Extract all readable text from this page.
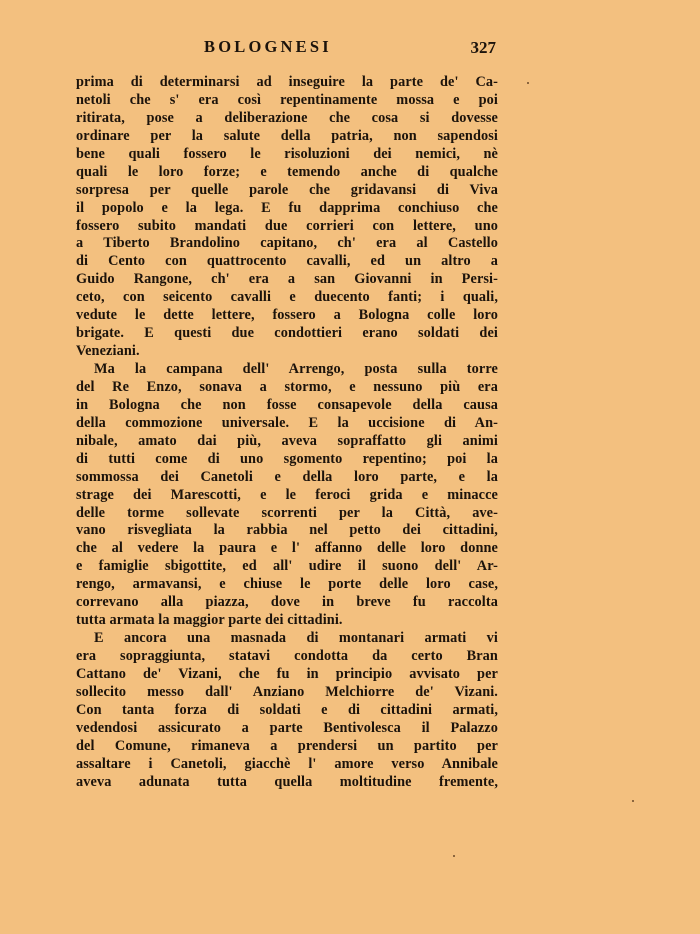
BOLOGNESI	327
prima di determinarsi ad inseguire la parte de' Ca-
netoli che s' era così repentinamente mossa e poi
ritirata, pose a deliberazione che cosa si dovesse
ordinare per la salute della patria, non sapendosi
bene quali fossero le risoluzioni dei nemici, nè
quali le loro forze; e temendo anche di qualche
sorpresa per quelle parole che gridavansi di Viva
il popolo e la lega. E fu dapprima conchiuso che
fossero subito mandati due corrieri con lettere, uno
a Tiberto Brandolino capitano, ch' era al Castello
di Cento con quattrocento cavalli, ed un altro a
Guido Rangone, ch' era a san Giovanni in Persi-
ceto, con seicento cavalli e duecento fanti; i quali,
vedute le dette lettere, fossero a Bologna colle loro
brigate. E questi due condottieri erano soldati dei
Veneziani.
Ma la campana dell' Arrengo, posta sulla torre
del Re Enzo, sonava a stormo, e nessuno più era
in Bologna che non fosse consapevole della causa
della commozione universale. E la uccisione di An-
nibale, amato dai più, aveva sopraffatto gli animi
di tutti come di uno sgomento repentino; poi la
sommossa dei Canetoli e della loro parte, e la
strage dei Marescotti, e le feroci grida e minacce
delle torme sollevate scorrenti per la Città, ave-
vano risvegliata la rabbia nel petto dei cittadini,
che al vedere la paura e l' affanno delle loro donne
e famiglie sbigottite, ed all' udire il suono dell' Ar-
rengo, armavansi, e chiuse le porte delle loro case,
correvano alla piazza, dove in breve fu raccolta
tutta armata la maggior parte dei cittadini.
E ancora una masnada di montanari armati vi
era sopraggiunta, statavi condotta da certo Bran
Cattano de' Vizani, che fu in principio avvisato per
sollecito messo dall' Anziano Melchiorre de' Vizani.
Con tanta forza di soldati e di cittadini armati,
vedendosi assicurato a parte Bentivolesca il Palazzo
del Comune, rimaneva a prendersi un partito per
assaltare i Canetoli, giacchè l' amore verso Annibale
aveva adunata tutta quella moltitudine fremente,
